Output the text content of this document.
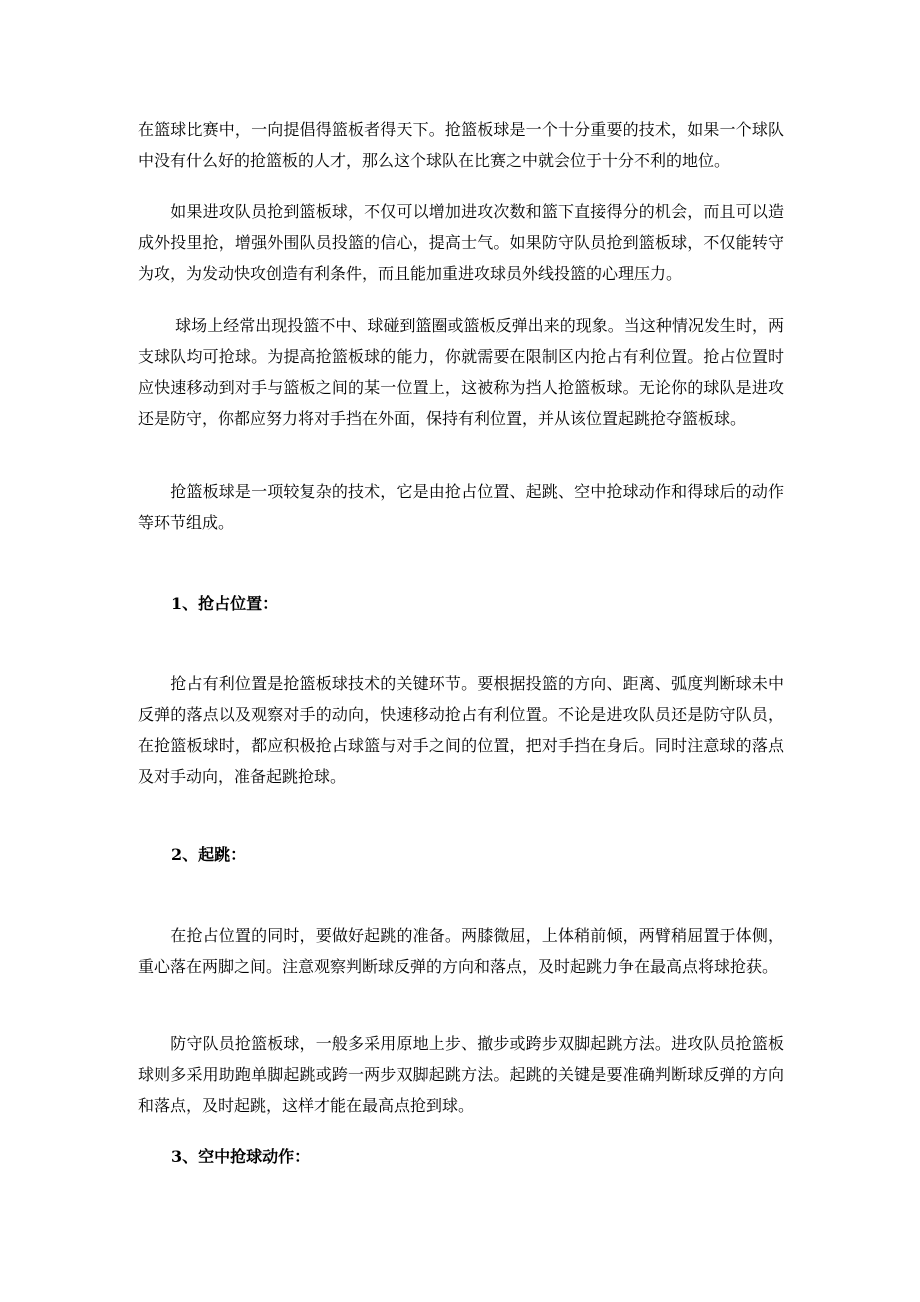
在篮球比赛中，一向提倡得篮板者得天下。抢篮板球是一个十分重要的技术，如果一个球队中没有什么好的抢篮板的人才，那么这个球队在比赛之中就会位于十分不利的地位。

　　如果进攻队员抢到篮板球，不仅可以增加进攻次数和篮下直接得分的机会，而且可以造成外投里抢，增强外围队员投篮的信心，提高士气。如果防守队员抢到篮板球，不仅能转守为攻，为发动快攻创造有利条件，而且能加重进攻球员外线投篮的心理压力。

　　 球场上经常出现投篮不中、球碰到篮圈或篮板反弹出来的现象。当这种情况发生时，两支球队均可抢球。为提高抢篮板球的能力，你就需要在限制区内抢占有利位置。抢占位置时应快速移动到对手与篮板之间的某一位置上，这被称为挡人抢篮板球。无论你的球队是进攻还是防守，你都应努力将对手挡在外面，保持有利位置，并从该位置起跳抢夺篮板球。

　　抢篮板球是一项较复杂的技术，它是由抢占位置、起跳、空中抢球动作和得球后的动作等环节组成。

1、抢占位置：

　　抢占有利位置是抢篮板球技术的关键环节。要根据投篮的方向、距离、弧度判断球未中反弹的落点以及观察对手的动向，快速移动抢占有利位置。不论是进攻队员还是防守队员，在抢篮板球时，都应积极抢占球篮与对手之间的位置，把对手挡在身后。同时注意球的落点及对手动向，准备起跳抢球。

2、起跳：

　　在抢占位置的同时，要做好起跳的准备。两膝微屈，上体稍前倾，两臂稍屈置于体侧，重心落在两脚之间。注意观察判断球反弹的方向和落点，及时起跳力争在最高点将球抢获。

　　防守队员抢篮板球，一般多采用原地上步、撤步或跨步双脚起跳方法。进攻队员抢篮板球则多采用助跑单脚起跳或跨一两步双脚起跳方法。起跳的关键是要准确判断球反弹的方向和落点，及时起跳，这样才能在最高点抢到球。

3、空中抢球动作：
